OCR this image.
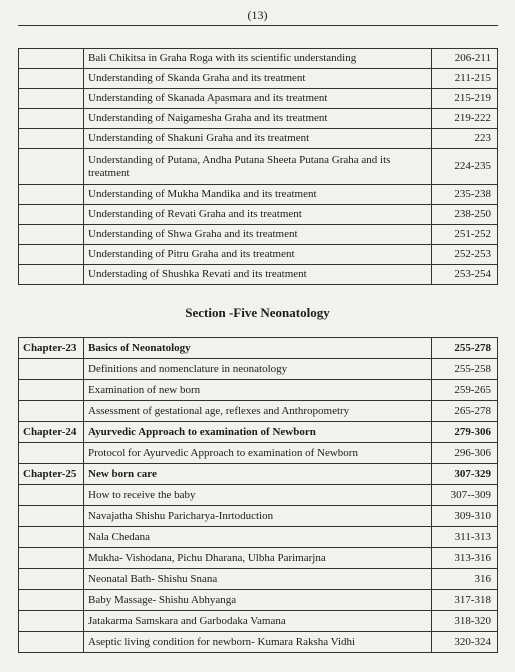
(13)
	Bali Chikitsa in Graha Roga with its scientific understanding	206-211
	Understanding of Skanda Graha and its treatment	211-215
	Understanding of Skanada Apasmara and its treatment	215-219
	Understanding of Naigamesha Graha and its treatment	219-222
	Understanding of Shakuni Graha and its treatment	223
	Understanding of Putana, Andha Putana Sheeta Putana Graha and its treatment	224-235
	Understanding of Mukha Mandika and its treatment	235-238
	Understanding of Revati Graha and its treatment	238-250
	Understanding of Shwa Graha and its treatment	251-252
	Understanding of Pitru Graha and its treatment	252-253
	Understading of Shushka Revati and its treatment	253-254
Section -Five Neonatology
Chapter-23	Basics of Neonatology	255-278
	Definitions and nomenclature in neonatology	255-258
	Examination of new born	259-265
	Assessment of gestational age, reflexes and Anthropometry	265-278
Chapter-24	Ayurvedic Approach to examination of Newborn	279-306
	Protocol for Ayurvedic Approach to examination of Newborn	296-306
Chapter-25	New born care	307-329
	How to receive the baby	307--309
	Navajatha Shishu Paricharya-Inrtoduction	309-310
	Nala Chedana	311-313
	Mukha- Vishodana, Pichu Dharana, Ulbha Parimarjna	313-316
	Neonatal Bath- Shishu Snana	316
	Baby Massage- Shishu Abhyanga	317-318
	Jatakarma Samskara and Garbodaka Vamana	318-320
	Aseptic living condition for newborn- Kumara Raksha Vidhi	320-324
